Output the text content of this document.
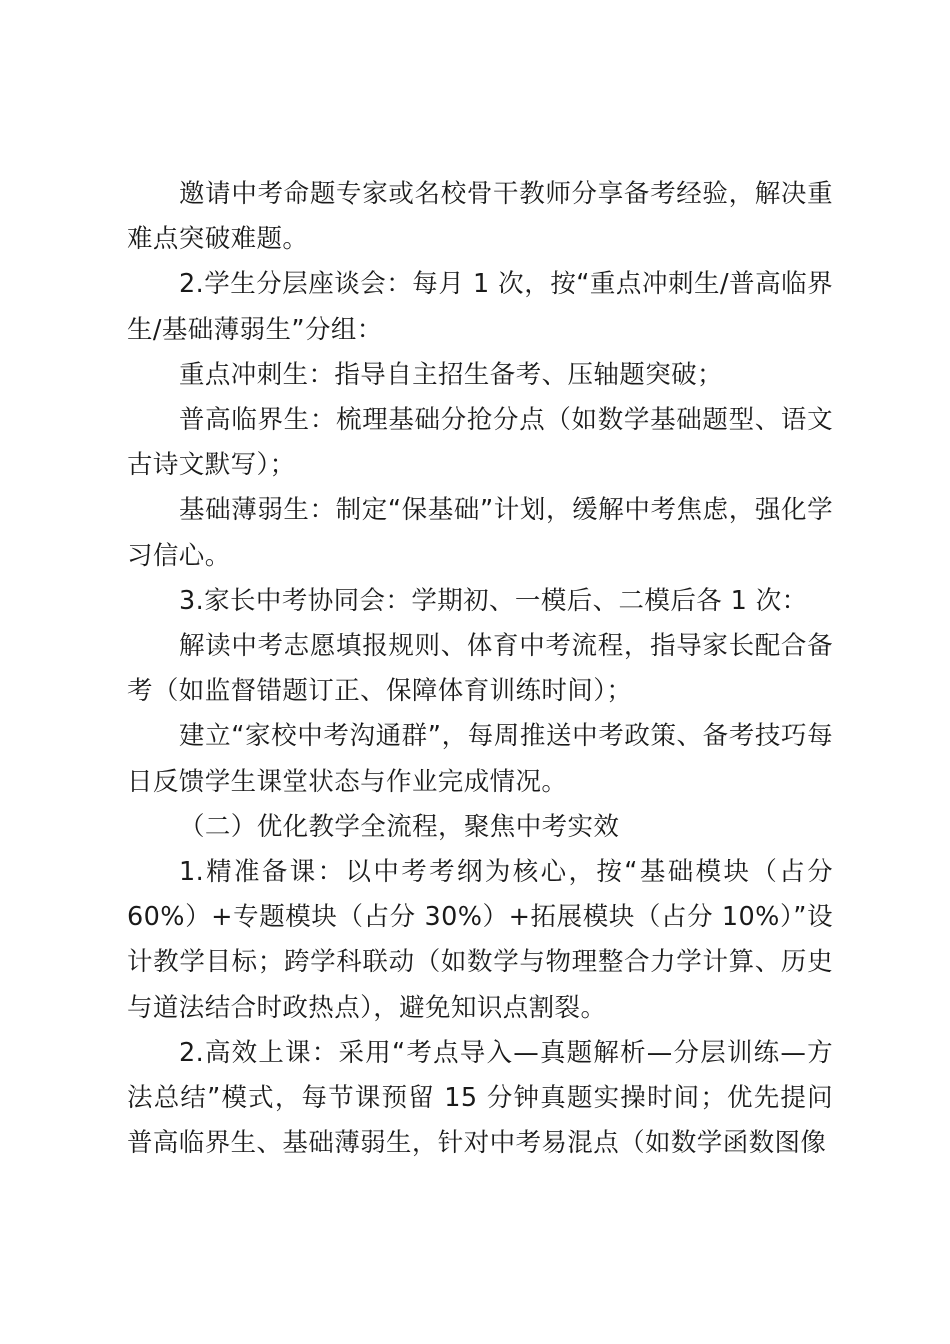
邀请中考命题专家或名校骨干教师分享备考经验，解决重难点突破难题。

2.学生分层座谈会：每月 1 次，按“重点冲刺生/普高临界生/基础薄弱生”分组：

重点冲刺生：指导自主招生备考、压轴题突破；

普高临界生：梳理基础分抢分点（如数学基础题型、语文古诗文默写）；

基础薄弱生：制定“保基础”计划，缓解中考焦虑，强化学习信心。

3.家长中考协同会：学期初、一模后、二模后各 1 次：

解读中考志愿填报规则、体育中考流程，指导家长配合备考（如监督错题订正、保障体育训练时间）；

建立“家校中考沟通群”，每周推送中考政策、备考技巧每日反馈学生课堂状态与作业完成情况。

（二）优化教学全流程，聚焦中考实效

1.精准备课：以中考考纲为核心，按“基础模块（占分 60%）+专题模块（占分 30%）+拓展模块（占分 10%）”设计教学目标；跨学科联动（如数学与物理整合力学计算、历史与道法结合时政热点），避免知识点割裂。

2.高效上课：采用“考点导入—真题解析—分层训练—方法总结”模式，每节课预留 15 分钟真题实操时间；优先提问普高临界生、基础薄弱生，针对中考易混点（如数学函数图像
